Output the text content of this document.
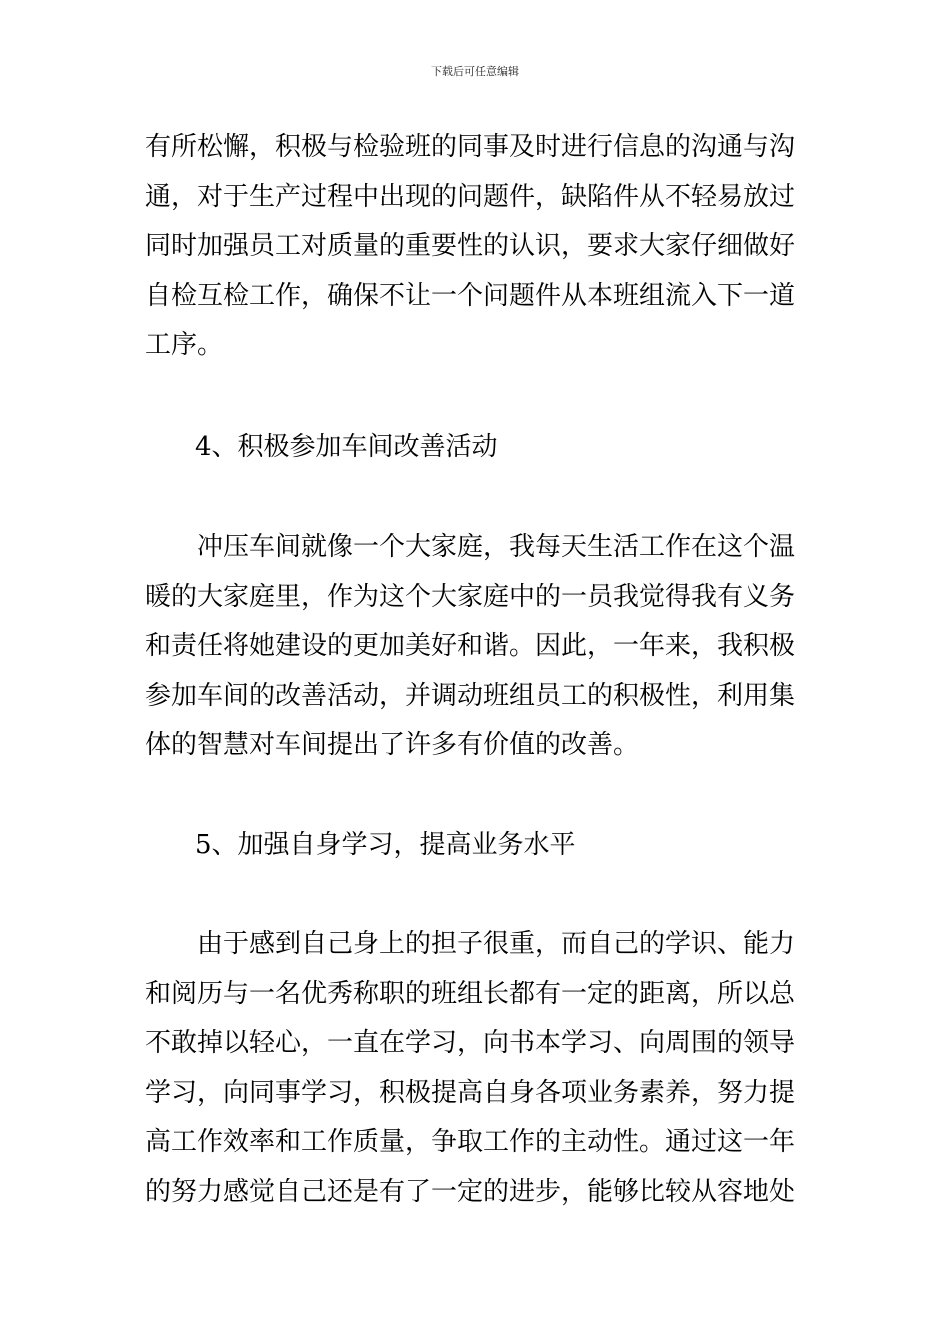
下载后可任意编辑
有所松懈，积极与检验班的同事及时进行信息的沟通与沟通，对于生产过程中出现的问题件，缺陷件从不轻易放过同时加强员工对质量的重要性的认识，要求大家仔细做好自检互检工作，确保不让一个问题件从本班组流入下一道工序。
4、积极参加车间改善活动
冲压车间就像一个大家庭，我每天生活工作在这个温暖的大家庭里，作为这个大家庭中的一员我觉得我有义务和责任将她建设的更加美好和谐。因此，一年来，我积极参加车间的改善活动，并调动班组员工的积极性，利用集体的智慧对车间提出了许多有价值的改善。
5、加强自身学习，提高业务水平
由于感到自己身上的担子很重，而自己的学识、能力和阅历与一名优秀称职的班组长都有一定的距离，所以总不敢掉以轻心，一直在学习，向书本学习、向周围的领导学习，向同事学习，积极提高自身各项业务素养，努力提高工作效率和工作质量，争取工作的主动性。通过这一年的努力感觉自己还是有了一定的进步，能够比较从容地处
